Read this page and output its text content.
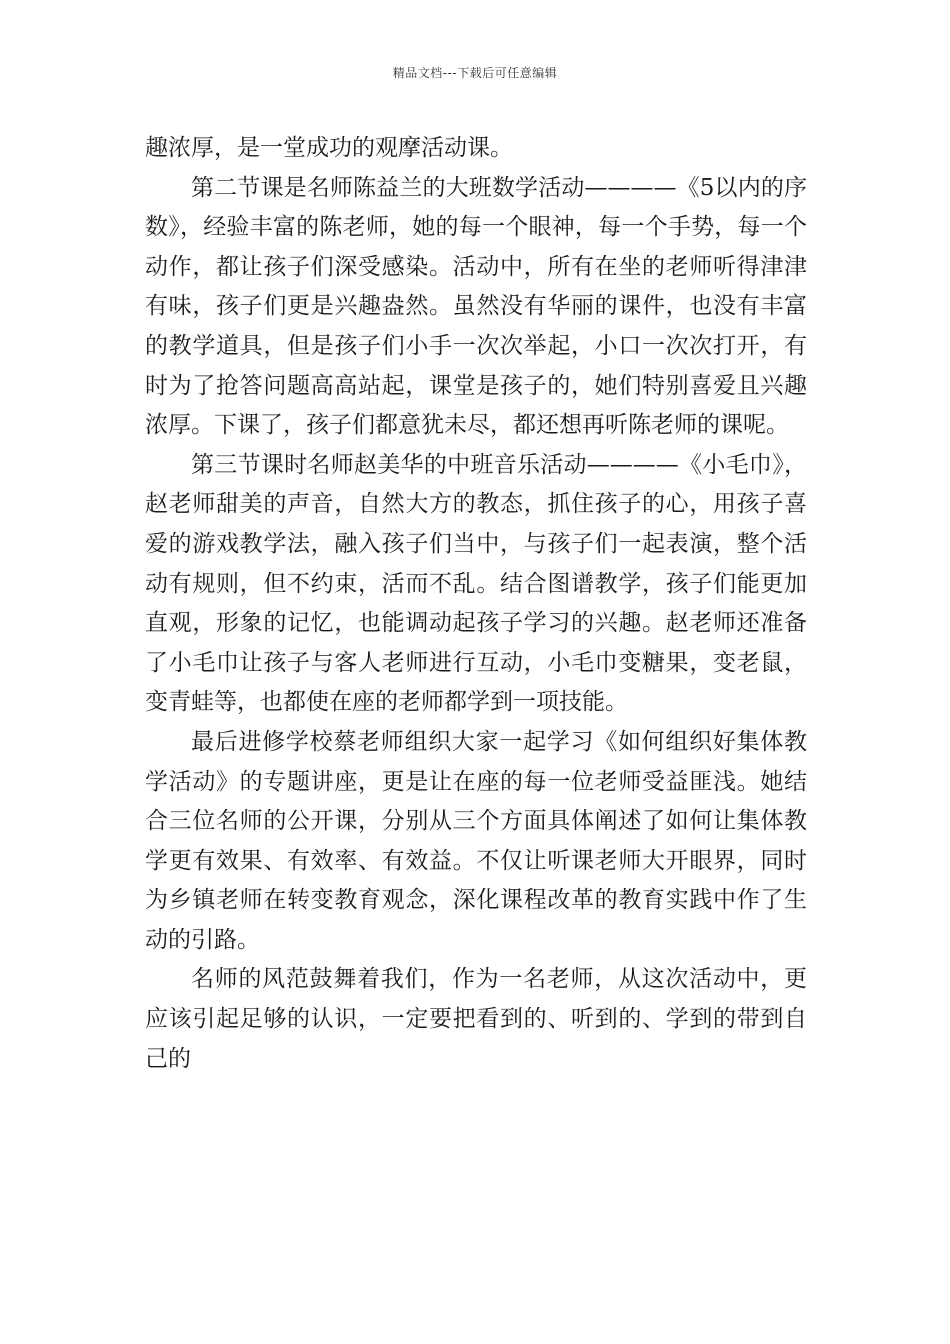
精品文档---下载后可任意编辑

趣浓厚，是一堂成功的观摩活动课。

第二节课是名师陈益兰的大班数学活动————《5以内的序数》，经验丰富的陈老师，她的每一个眼神，每一个手势，每一个动作，都让孩子们深受感染。活动中，所有在坐的老师听得津津有味，孩子们更是兴趣盎然。虽然没有华丽的课件，也没有丰富的教学道具，但是孩子们小手一次次举起，小口一次次打开，有时为了抢答问题高高站起，课堂是孩子的，她们特别喜爱且兴趣浓厚。下课了，孩子们都意犹未尽，都还想再听陈老师的课呢。

第三节课时名师赵美华的中班音乐活动————《小毛巾》，赵老师甜美的声音，自然大方的教态，抓住孩子的心，用孩子喜爱的游戏教学法，融入孩子们当中，与孩子们一起表演，整个活动有规则，但不约束，活而不乱。结合图谱教学，孩子们能更加直观，形象的记忆，也能调动起孩子学习的兴趣。赵老师还准备了小毛巾让孩子与客人老师进行互动，小毛巾变糖果，变老鼠，变青蛙等，也都使在座的老师都学到一项技能。

最后进修学校蔡老师组织大家一起学习《如何组织好集体教学活动》的专题讲座，更是让在座的每一位老师受益匪浅。她结合三位名师的公开课，分别从三个方面具体阐述了如何让集体教学更有效果、有效率、有效益。不仅让听课老师大开眼界，同时为乡镇老师在转变教育观念，深化课程改革的教育实践中作了生动的引路。

名师的风范鼓舞着我们，作为一名老师，从这次活动中，更应该引起足够的认识，一定要把看到的、听到的、学到的带到自己的
